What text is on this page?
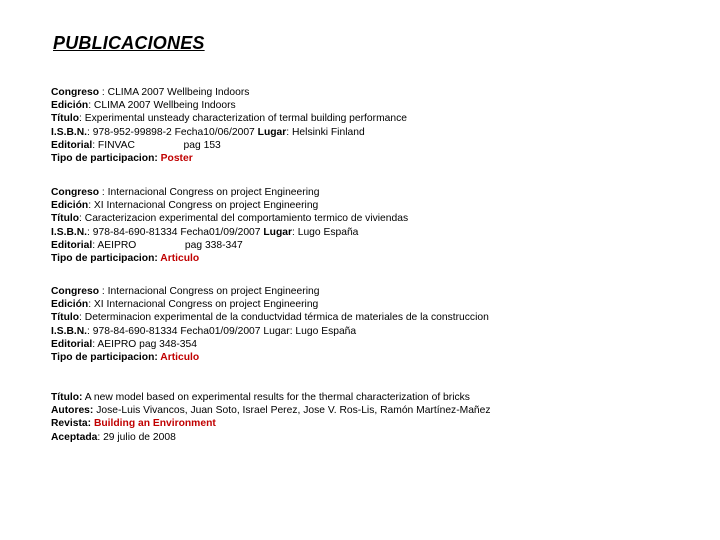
PUBLICACIONES
Congreso : CLIMA 2007 Wellbeing Indoors
Edición: CLIMA 2007 Wellbeing Indoors
Título: Experimental unsteady characterization of termal building performance
I.S.B.N.: 978-952-99898-2 Fecha10/06/2007 Lugar: Helsinki Finland
Editorial: FINVAC                 pag 153
Tipo de participacion: Poster
Congreso : Internacional Congress on project Engineering
Edición: XI Internacional Congress on project Engineering
Título: Caracterizacion experimental del comportamiento termico de viviendas
I.S.B.N.: 978-84-690-81334 Fecha01/09/2007 Lugar: Lugo España
Editorial: AEIPRO                 pag 338-347
Tipo de participacion: Articulo
Congreso : Internacional Congress on project Engineering
Edición: XI Internacional Congress on project Engineering
Título: Determinacion experimental de la conductvidad térmica de materiales de la construccion
I.S.B.N.: 978-84-690-81334 Fecha01/09/2007 Lugar: Lugo España
Editorial: AEIPRO pag 348-354
Tipo de participacion: Articulo
Título: A new model based on experimental results for the thermal characterization of bricks
Autores: Jose-Luis Vivancos, Juan Soto, Israel Perez, Jose V. Ros-Lis, Ramón Martínez-Mañez
Revista: Building an Environment
Aceptada: 29 julio de 2008
